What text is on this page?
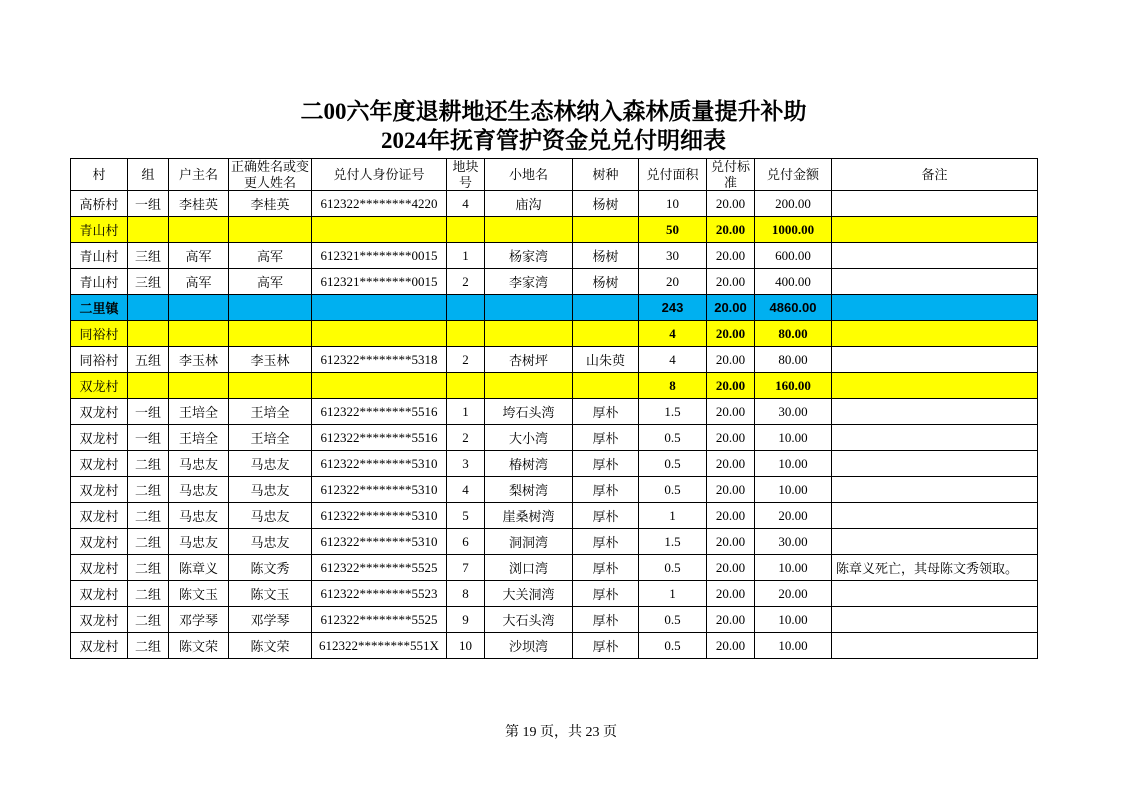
二00六年度退耕地还生态林纳入森林质量提升补助
2024年抚育管护资金兑兑付明细表
村	组	户主名	正确姓名或变更人姓名	兑付人身份证号	地块号	小地名	树种	兑付面积	兑付标准	兑付金额	备注
高桥村	一组	李桂英	李桂英	612322********4220	4	庙沟	杨树	10	20.00	200.00	
青山村								50	20.00	1000.00	
青山村	三组	高军	高军	612321********0015	1	杨家湾	杨树	30	20.00	600.00	
青山村	三组	高军	高军	612321********0015	2	李家湾	杨树	20	20.00	400.00	
二里镇								243	20.00	4860.00	
同裕村								4	20.00	80.00	
同裕村	五组	李玉林	李玉林	612322********5318	2	杏树坪	山朱萸	4	20.00	80.00	
双龙村								8	20.00	160.00	
双龙村	一组	王培全	王培全	612322********5516	1	垮石头湾	厚朴	1.5	20.00	30.00	
双龙村	一组	王培全	王培全	612322********5516	2	大小湾	厚朴	0.5	20.00	10.00	
双龙村	二组	马忠友	马忠友	612322********5310	3	椿树湾	厚朴	0.5	20.00	10.00	
双龙村	二组	马忠友	马忠友	612322********5310	4	梨树湾	厚朴	0.5	20.00	10.00	
双龙村	二组	马忠友	马忠友	612322********5310	5	崖桑树湾	厚朴	1	20.00	20.00	
双龙村	二组	马忠友	马忠友	612322********5310	6	洞洞湾	厚朴	1.5	20.00	30.00	
双龙村	二组	陈章义	陈文秀	612322********5525	7	浏口湾	厚朴	0.5	20.00	10.00	陈章义死亡，其母陈文秀领取。
双龙村	二组	陈文玉	陈文玉	612322********5523	8	大关洞湾	厚朴	1	20.00	20.00	
双龙村	二组	邓学琴	邓学琴	612322********5525	9	大石头湾	厚朴	0.5	20.00	10.00	
双龙村	二组	陈文荣	陈文荣	612322********551X	10	沙坝湾	厚朴	0.5	20.00	10.00	
第 19 页，共 23 页
